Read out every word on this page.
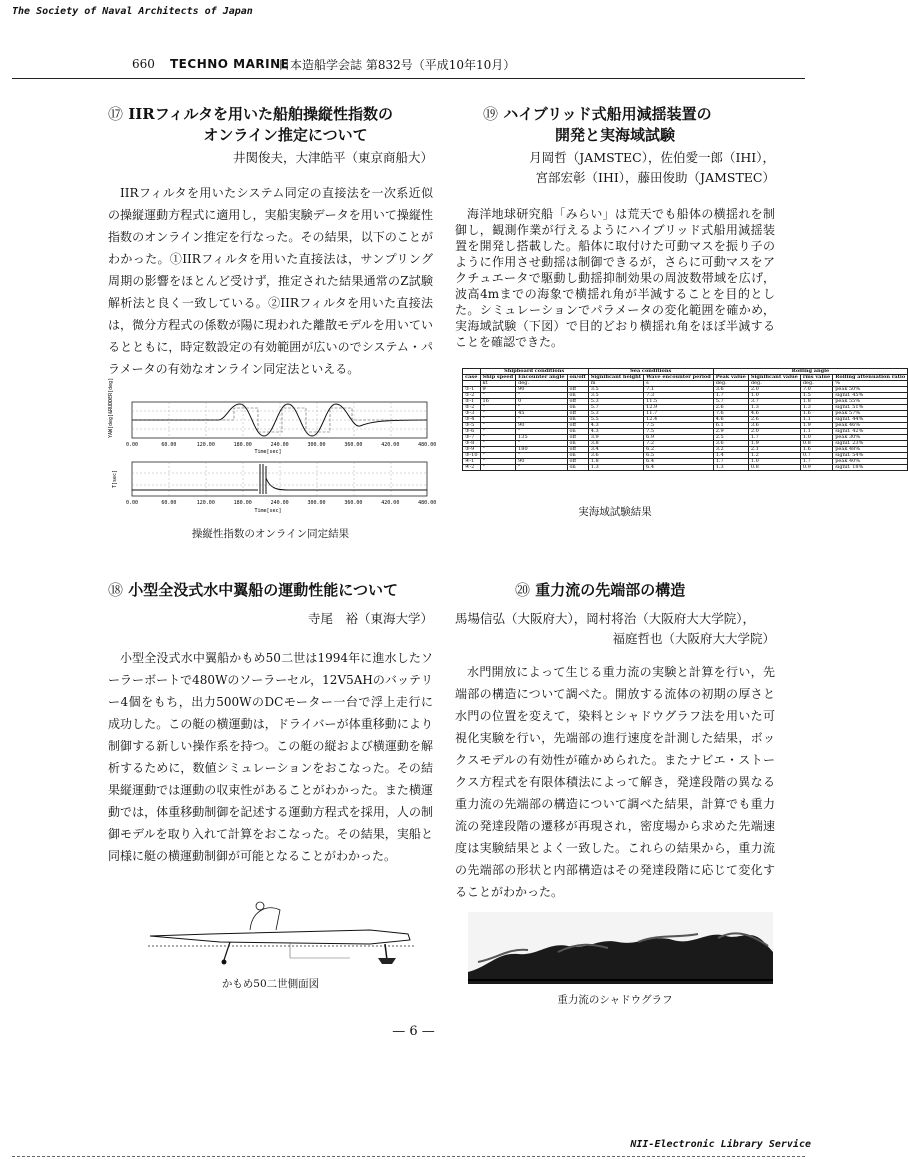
The Society of Naval Architects of Japan
660 TECHNO MARINE
日本造船学会誌 第832号（平成10年10月）
⑰ IIRフィルタを用いた船舶操縦性指数の
オンライン推定について
井関俊夫，大津皓平（東京商船大）
IIRフィルタを用いたシステム同定の直接法を一次系近似の操縦運動方程式に適用し，実船実験データを用いて操縦性指数のオンライン推定を行なった。その結果，以下のことがわかった。①IIRフィルタを用いた直接法は，サンプリング周期の影響をほとんど受けず，推定された結果通常のZ試験解析法と良く一致している。②IIRフィルタを用いた直接法は，微分方程式の係数が陽に現われた離散モデルを用いているとともに，時定数設定の有効範囲が広いのでシステム・パラメータの有効なオンライン同定法といえる。
YAW[deg]&RUDDER[deg]
0.00	60.00	120.00	180.00	240.00	300.00	360.00	420.00	480.00
Time[sec]
T[sec]
0.00	60.00	120.00	180.00	240.00	300.00	360.00	420.00	480.00
Time[sec]
操縦性指数のオンライン同定結果
⑱ 小型全没式水中翼船の運動性能について
寺尾　裕（東海大学）
小型全没式水中翼船かもめ50二世は1994年に進水したソーラーボートで480Wのソーラーセル，12V5AHのバッテリー4個をもち，出力500WのDCモーター一台で浮上走行に成功した。この艇の横運動は，ドライバーが体重移動により制御する新しい操作系を持つ。この艇の縦および横運動を解析するために，数値シミュレーションをおこなった。その結果縦運動では運動の収束性があることがわかった。また横運動では，体重移動制御を記述する運動方程式を採用，人の制御モデルを取り入れて計算をおこなった。その結果，実船と同様に艇の横運動制御が可能となることがわかった。
かもめ50二世側面図
⑲ ハイブリッド式船用減揺装置の
開発と実海域試験
月岡哲（JAMSTEC），佐伯愛一郎（IHI），
宮部宏彰（IHI），藤田俊助（JAMSTEC）
海洋地球研究船「みらい」は荒天でも船体の横揺れを制御し，観測作業が行えるようにハイブリッド式船用減揺装置を開発し搭載した。船体に取付けた可動マスを振り子のように作用させ動揺は制御できるが，さらに可動マスをアクチュエータで駆動し動揺抑制効果の周波数帯域を広げ，波高4mまでの海象で横揺れ角が半減することを目的とした。シミュレーションでパラメータの変化範囲を確かめ，実海域試験（下図）で目的どおり横揺れ角をほぼ半減することを確認できた。
	Shipboard conditions			Sea conditions		Rolling angle			
case	Ship speed	Encounter angle	on/off	Significant height	Wave encounter period	Peak value	Significant value	rms value	Rolling attenuation ratio
	kt	deg.		m	s	deg.	deg.	deg.	%
①-1	9	90	off	3.5	7.1	3.6	2.0	7.0	peak 50%
①-2	"	"	on	3.5	7.3	1.7	1.0	1.5	signif. 45%
②-1	16	0	off	5.3	11.5	5.7	3.7	1.8	peak 55%
②-2	"	"	on	5.7	12.9	2.6	1.3	1.3	signif. 51%
③-3	"	45	off	5.3	11.7	7.6	4.6	1.6	peak 57%
③-4	"	"	on	5.5	12.4	4.6	2.6	1.1	signif. 44%
③-5	"	90	off	4.3	7.5	6.1	3.6	1.9	peak 46%
③-6	"	"	on	4.3	7.5	2.9	2.0	1.1	signif. 42%
③-7	"	135	off	3.9	6.9	2.5	1.7	1.0	peak 30%
③-8	"	"	on	3.8	7.2	3.6	1.9	0.8	signif. 23%
③-9	"	180	off	3.4	6.2	3.2	2.1	1.6	peak 48%
③-10	"	"	on	3.6	6.5	1.4	1.2	0.7	signif. 54%
④-1	"	90	off	1.8	6.4	1.7	1.0	1.7	peak 40%
④-2	"	"	on	1.3	6.4	1.3	0.8	0.9	signif. 18%
実海域試験結果
⑳ 重力流の先端部の構造
馬場信弘（大阪府大），岡村将治（大阪府大大学院），
福庭哲也（大阪府大大学院）
水門開放によって生じる重力流の実験と計算を行い，先端部の構造について調べた。開放する流体の初期の厚さと水門の位置を変えて，染料とシャドウグラフ法を用いた可視化実験を行い，先端部の進行速度を計測した結果，ボックスモデルの有効性が確かめられた。またナビエ・ストークス方程式を有限体積法によって解き，発達段階の異なる重力流の先端部の構造について調べた結果，計算でも重力流の発達段階の遷移が再現され，密度場から求めた先端速度は実験結果とよく一致した。これらの結果から，重力流の先端部の形状と内部構造はその発達段階に応じて変化することがわかった。
重力流のシャドウグラフ
— 6 —
NII-Electronic Library Service
